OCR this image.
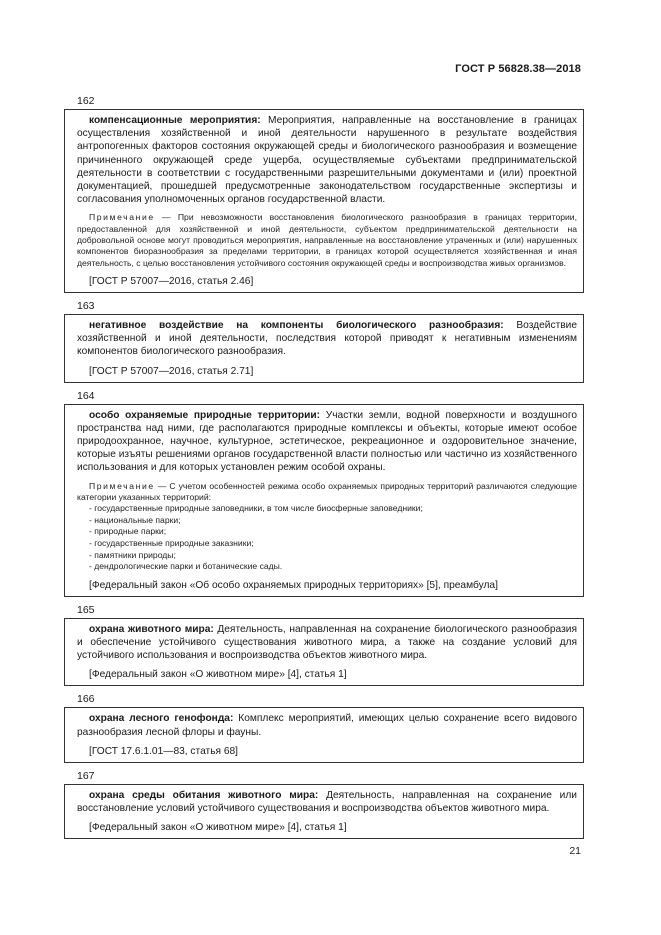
ГОСТ Р 56828.38—2018
162

компенсационные мероприятия: Мероприятия, направленные на восстановление в границах осуществления хозяйственной и иной деятельности нарушенного в результате воздействия антропогенных факторов состояния окружающей среды и биологического разнообразия и возмещение причиненного окружающей среде ущерба, осуществляемые субъектами предпринимательской деятельности в соответствии с государственными разрешительными документами и (или) проектной документацией, прошедшей предусмотренные законодательством государственные экспертизы и согласования уполномоченных органов государственной власти.

Примечание — При невозможности восстановления биологического разнообразия в границах территории, предоставленной для хозяйственной и иной деятельности, субъектом предпринимательской деятельности на добровольной основе могут проводиться мероприятия, направленные на восстановление утраченных и (или) нарушенных компонентов биоразнообразия за пределами территории, в границах которой осуществляется хозяйственная и иная деятельность, с целью восстановления устойчивого состояния окружающей среды и воспроизводства живых организмов.

[ГОСТ Р 57007—2016, статья 2.46]
163

негативное воздействие на компоненты биологического разнообразия: Воздействие хозяйственной и иной деятельности, последствия которой приводят к негативным изменениям компонентов биологического разнообразия.

[ГОСТ Р 57007—2016, статья 2.71]
164

особо охраняемые природные территории: Участки земли, водной поверхности и воздушного пространства над ними, где располагаются природные комплексы и объекты, которые имеют особое природоохранное, научное, культурное, эстетическое, рекреационное и оздоровительное значение, которые изъяты решениями органов государственной власти полностью или частично из хозяйственного использования и для которых установлен режим особой охраны.

Примечание — С учетом особенностей режима особо охраняемых природных территорий различаются следующие категории указанных территорий:

- государственные природные заповедники, в том числе биосферные заповедники;
- национальные парки;
- природные парки;
- государственные природные заказники;
- памятники природы;
- дендрологические парки и ботанические сады.
[Федеральный закон «Об особо охраняемых природных территориях» [5], преамбула]
165

охрана животного мира: Деятельность, направленная на сохранение биологического разнообразия и обеспечение устойчивого существования животного мира, а также на создание условий для устойчивого использования и воспроизводства объектов животного мира.

[Федеральный закон «О животном мире» [4], статья 1]
166

охрана лесного генофонда: Комплекс мероприятий, имеющих целью сохранение всего видового разнообразия лесной флоры и фауны.

[ГОСТ 17.6.1.01—83, статья 68]
167

охрана среды обитания животного мира: Деятельность, направленная на сохранение или восстановление условий устойчивого существования и воспроизводства объектов животного мира.

[Федеральный закон «О животном мире» [4], статья 1]
21
